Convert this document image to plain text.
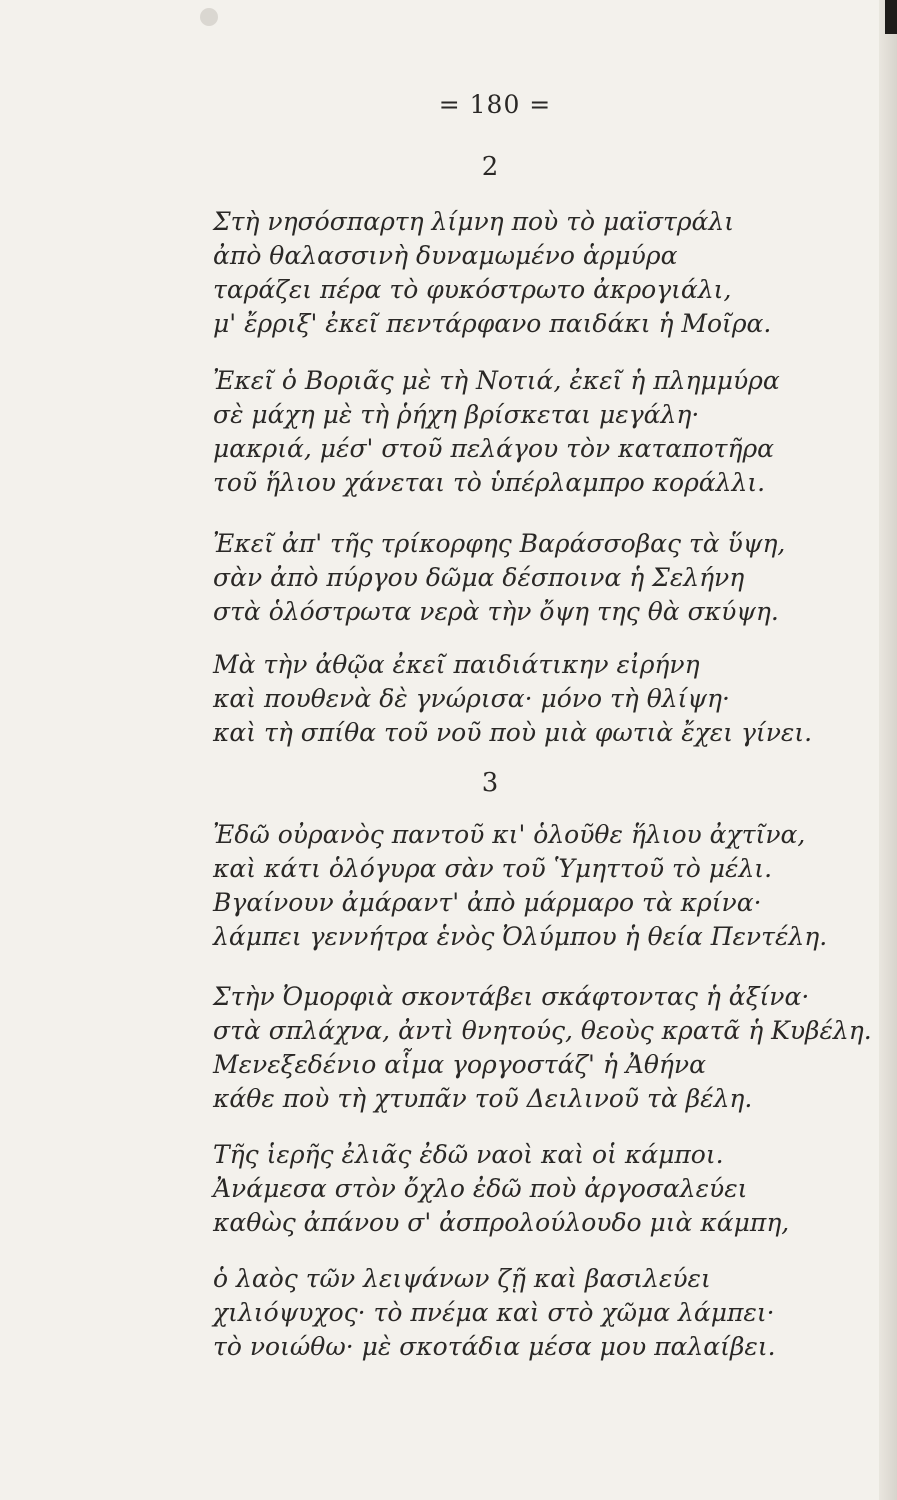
= 180 =
2
Στὴ νησόσπαρτη λίμνη ποὺ τὸ μαϊστράλι
ἀπὸ θαλασσινὴ δυναμωμένο ἁρμύρα
ταράζει πέρα τὸ φυκόστρωτο ἀκρογιάλι,
μ' ἔρριξ' ἐκεῖ πεντάρφανο παιδάκι ἡ Μοῖρα.
Ἐκεῖ ὁ Βοριᾶς μὲ τὴ Νοτιά, ἐκεῖ ἡ πλημμύρα
σὲ μάχη μὲ τὴ ῥήχη βρίσκεται μεγάλη·
μακριά, μέσ' στοῦ πελάγου τὸν καταποτῆρα
τοῦ ἥλιου χάνεται τὸ ὑπέρλαμπρο κοράλλι.
Ἐκεῖ ἀπ' τῆς τρίκορφης Βαράσσοβας τὰ ὕψη,
σὰν ἀπὸ πύργου δῶμα δέσποινα ἡ Σελήνη
στὰ ὁλόστρωτα νερὰ τὴν ὄψη της θὰ σκύψη.
Μὰ τὴν ἀθῷα ἐκεῖ παιδιάτικην εἰρήνη
καὶ πουθενὰ δὲ γνώρισα· μόνο τὴ θλίψη·
καὶ τὴ σπίθα τοῦ νοῦ ποὺ μιὰ φωτιὰ ἔχει γίνει.
3
Ἐδῶ οὐρανὸς παντοῦ κι' ὁλοῦθε ἥλιου ἀχτῖνα,
καὶ κάτι ὁλόγυρα σὰν τοῦ Ὑμηττοῦ τὸ μέλι.
Βγαίνουν ἀμάραντ' ἀπὸ μάρμαρο τὰ κρίνα·
λάμπει γεννήτρα ἑνὸς Ὀλύμπου ἡ θεία Πεντέλη.
Στὴν Ὀμορφιὰ σκοντάβει σκάφτοντας ἡ ἀξίνα·
στὰ σπλάχνα, ἀντὶ θνητούς, θεοὺς κρατᾶ ἡ Κυβέλη.
Μενεξεδένιο αἷμα γοργοστάζ' ἡ Ἀθήνα
κάθε ποὺ τὴ χτυπᾶν τοῦ Δειλινοῦ τὰ βέλη.
Τῆς ἱερῆς ἐλιᾶς ἐδῶ ναοὶ καὶ οἱ κάμποι.
Ἀνάμεσα στὸν ὄχλο ἐδῶ ποὺ ἀργοσαλεύει
καθὼς ἀπάνου σ' ἀσπρολούλουδο μιὰ κάμπη,
ὁ λαὸς τῶν λειψάνων ζῇ καὶ βασιλεύει
χιλιόψυχος· τὸ πνέμα καὶ στὸ χῶμα λάμπει·
τὸ νοιώθω· μὲ σκοτάδια μέσα μου παλαίβει.
